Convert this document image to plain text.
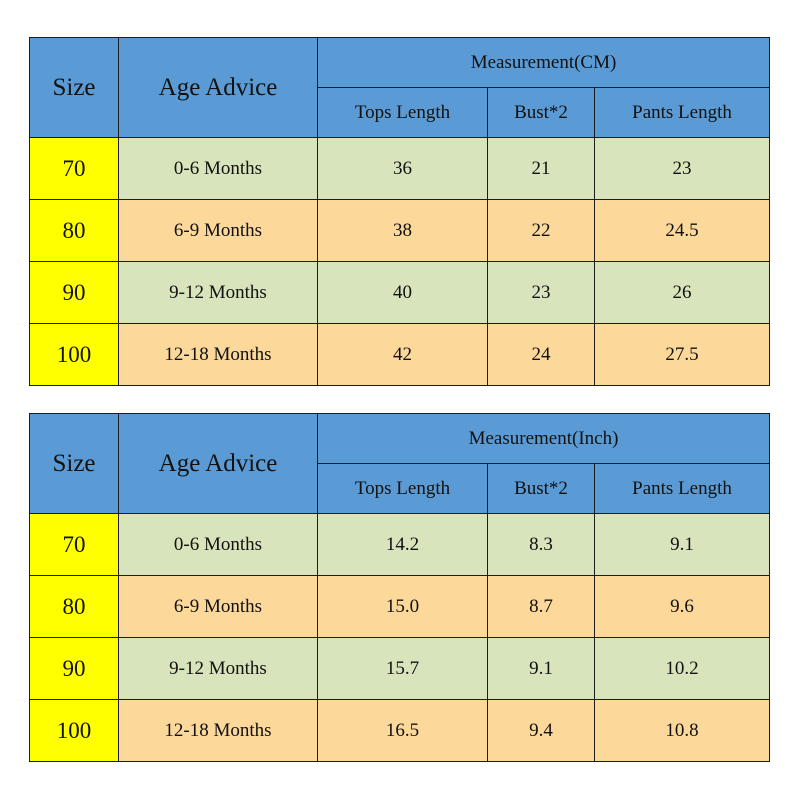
Size	Age Advice	Measurement(CM)		
		Tops Length	Bust*2	Pants Length
70	0-6 Months	36	21	23
80	6-9 Months	38	22	24.5
90	9-12 Months	40	23	26
100	12-18 Months	42	24	27.5
Size	Age Advice	Measurement(Inch)		
		Tops Length	Bust*2	Pants Length
70	0-6 Months	14.2	8.3	9.1
80	6-9 Months	15.0	8.7	9.6
90	9-12 Months	15.7	9.1	10.2
100	12-18 Months	16.5	9.4	10.8
